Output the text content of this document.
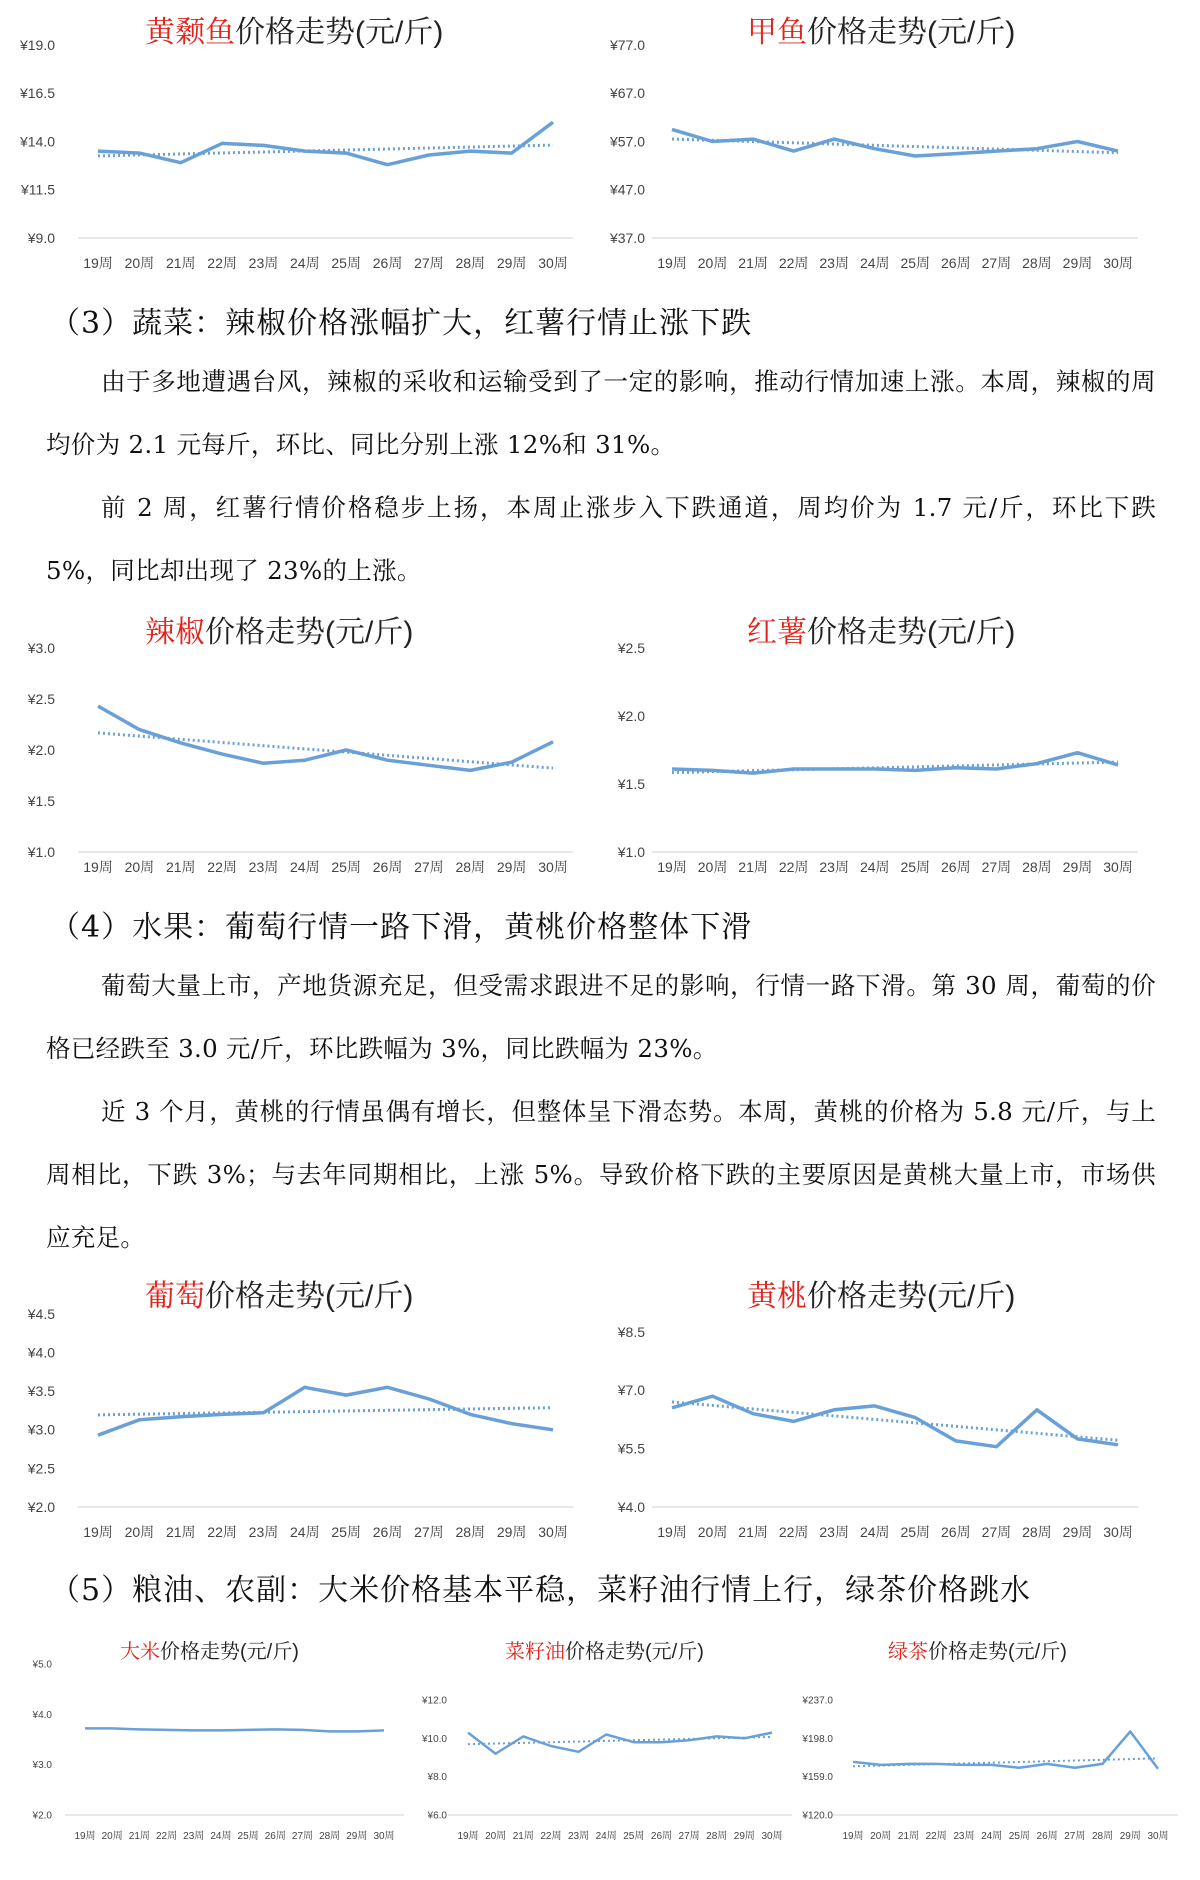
（3）蔬菜：辣椒价格涨幅扩大，红薯行情止涨下跌

由于多地遭遇台风，辣椒的采收和运输受到了一定的影响，推动行情加速上涨。本周，辣椒的周均价为 2.1 元每斤，环比、同比分别上涨 12%和 31%。

前 2 周，红薯行情价格稳步上扬，本周止涨步入下跌通道，周均价为 1.7 元/斤，环比下跌 5%，同比却出现了 23%的上涨。

（4）水果：葡萄行情一路下滑，黄桃价格整体下滑

葡萄大量上市，产地货源充足，但受需求跟进不足的影响，行情一路下滑。第 30 周，葡萄的价格已经跌至 3.0 元/斤，环比跌幅为 3%，同比跌幅为 23%。

近 3 个月，黄桃的行情虽偶有增长，但整体呈下滑态势。本周，黄桃的价格为 5.8 元/斤，与上周相比，下跌 3%；与去年同期相比，上涨 5%。导致价格下跌的主要原因是黄桃大量上市，市场供应充足。

（5）粮油、农副：大米价格基本平稳，菜籽油行情上行，绿茶价格跳水
黄颡鱼价格走势(元/斤)
¥19.0
¥16.5
¥14.0
¥11.5
¥9.0
19周 20周 21周 22周 23周 24周 25周 26周 27周 28周 29周 30周
甲鱼价格走势(元/斤)
¥77.0
¥67.0
¥57.0
¥47.0
¥37.0
19周 20周 21周 22周 23周 24周 25周 26周 27周 28周 29周 30周
辣椒价格走势(元/斤)
¥3.0
¥2.5
¥2.0
¥1.5
¥1.0
19周 20周 21周 22周 23周 24周 25周 26周 27周 28周 29周 30周
红薯价格走势(元/斤)
¥2.5
¥2.0
¥1.5
¥1.0
19周 20周 21周 22周 23周 24周 25周 26周 27周 28周 29周 30周
葡萄价格走势(元/斤)
¥4.5
¥4.0
¥3.5
¥3.0
¥2.5
¥2.0
19周 20周 21周 22周 23周 24周 25周 26周 27周 28周 29周 30周
黄桃价格走势(元/斤)
¥8.5
¥7.0
¥5.5
¥4.0
19周 20周 21周 22周 23周 24周 25周 26周 27周 28周 29周 30周
大米价格走势(元/斤)
¥5.0
¥4.0
¥3.0
¥2.0
19周 20周 21周 22周 23周 24周 25周 26周 27周 28周 29周 30周
菜籽油价格走势(元/斤)
¥12.0
¥10.0
¥8.0
¥6.0
19周 20周 21周 22周 23周 24周 25周 26周 27周 28周 29周 30周
绿茶价格走势(元/斤)
¥237.0
¥198.0
¥159.0
¥120.0
19周 20周 21周 22周 23周 24周 25周 26周 27周 28周 29周 30周
